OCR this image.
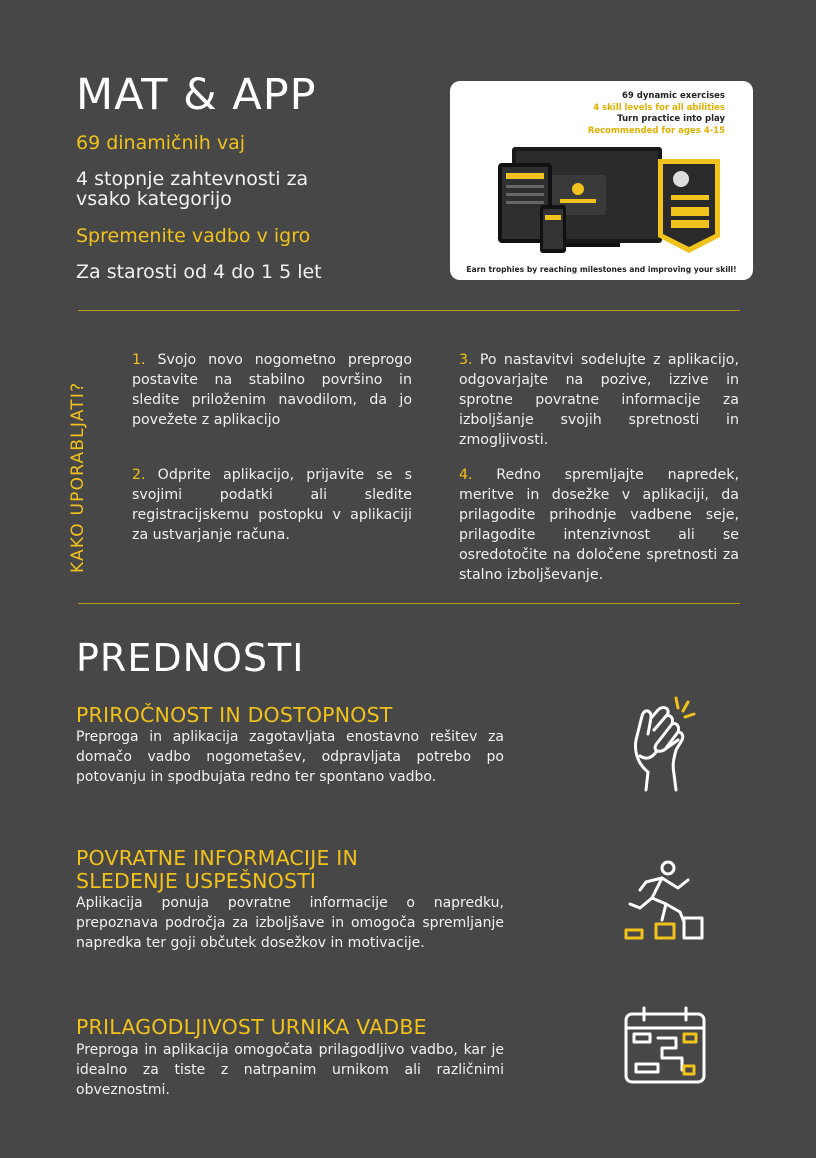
MAT & APP
69 dinamičnih vaj
4 stopnje zahtevnosti za
vsako kategorijo
Spremenite vadbo v igro
Za starosti od 4 do 1 5 let
69 dynamic exercises
4 skill levels for all abilities
Turn practice into play
Recommended for ages 4-15
Earn trophies by reaching milestones and improving your skill!
KAKO UPORABLJATI?
1. Svojo novo nogometno preprogo postavite na stabilno površino in sledite priloženim navodilom, da jo povežete z aplikacijo
2. Odprite aplikacijo, prijavite se s svojimi podatki ali sledite registracijskemu postopku v aplikaciji za ustvarjanje računa.
3. Po nastavitvi sodelujte z aplikacijo, odgovarjajte na pozive, izzive in sprotne povratne informacije za izboljšanje svojih spretnosti in zmogljivosti.
4. Redno spremljajte napredek, meritve in dosežke v aplikaciji, da prilagodite prihodnje vadbene seje, prilagodite intenzivnost ali se osredotočite na določene spretnosti za stalno izboljševanje.
PREDNOSTI
PRIROČNOST IN DOSTOPNOST
Preproga in aplikacija zagotavljata enostavno rešitev za domačo vadbo nogometašev, odpravljata potrebo po potovanju in spodbujata redno ter spontano vadbo.
POVRATNE INFORMACIJE IN
SLEDENJE USPEŠNOSTI
Aplikacija ponuja povratne informacije o napredku, prepoznava področja za izboljšave in omogoča spremljanje napredka ter goji občutek dosežkov in motivacije.
PRILAGODLJIVOST URNIKA VADBE
Preproga in aplikacija omogočata prilagodljivo vadbo, kar je idealno za tiste z natrpanim urnikom ali različnimi obveznostmi.
